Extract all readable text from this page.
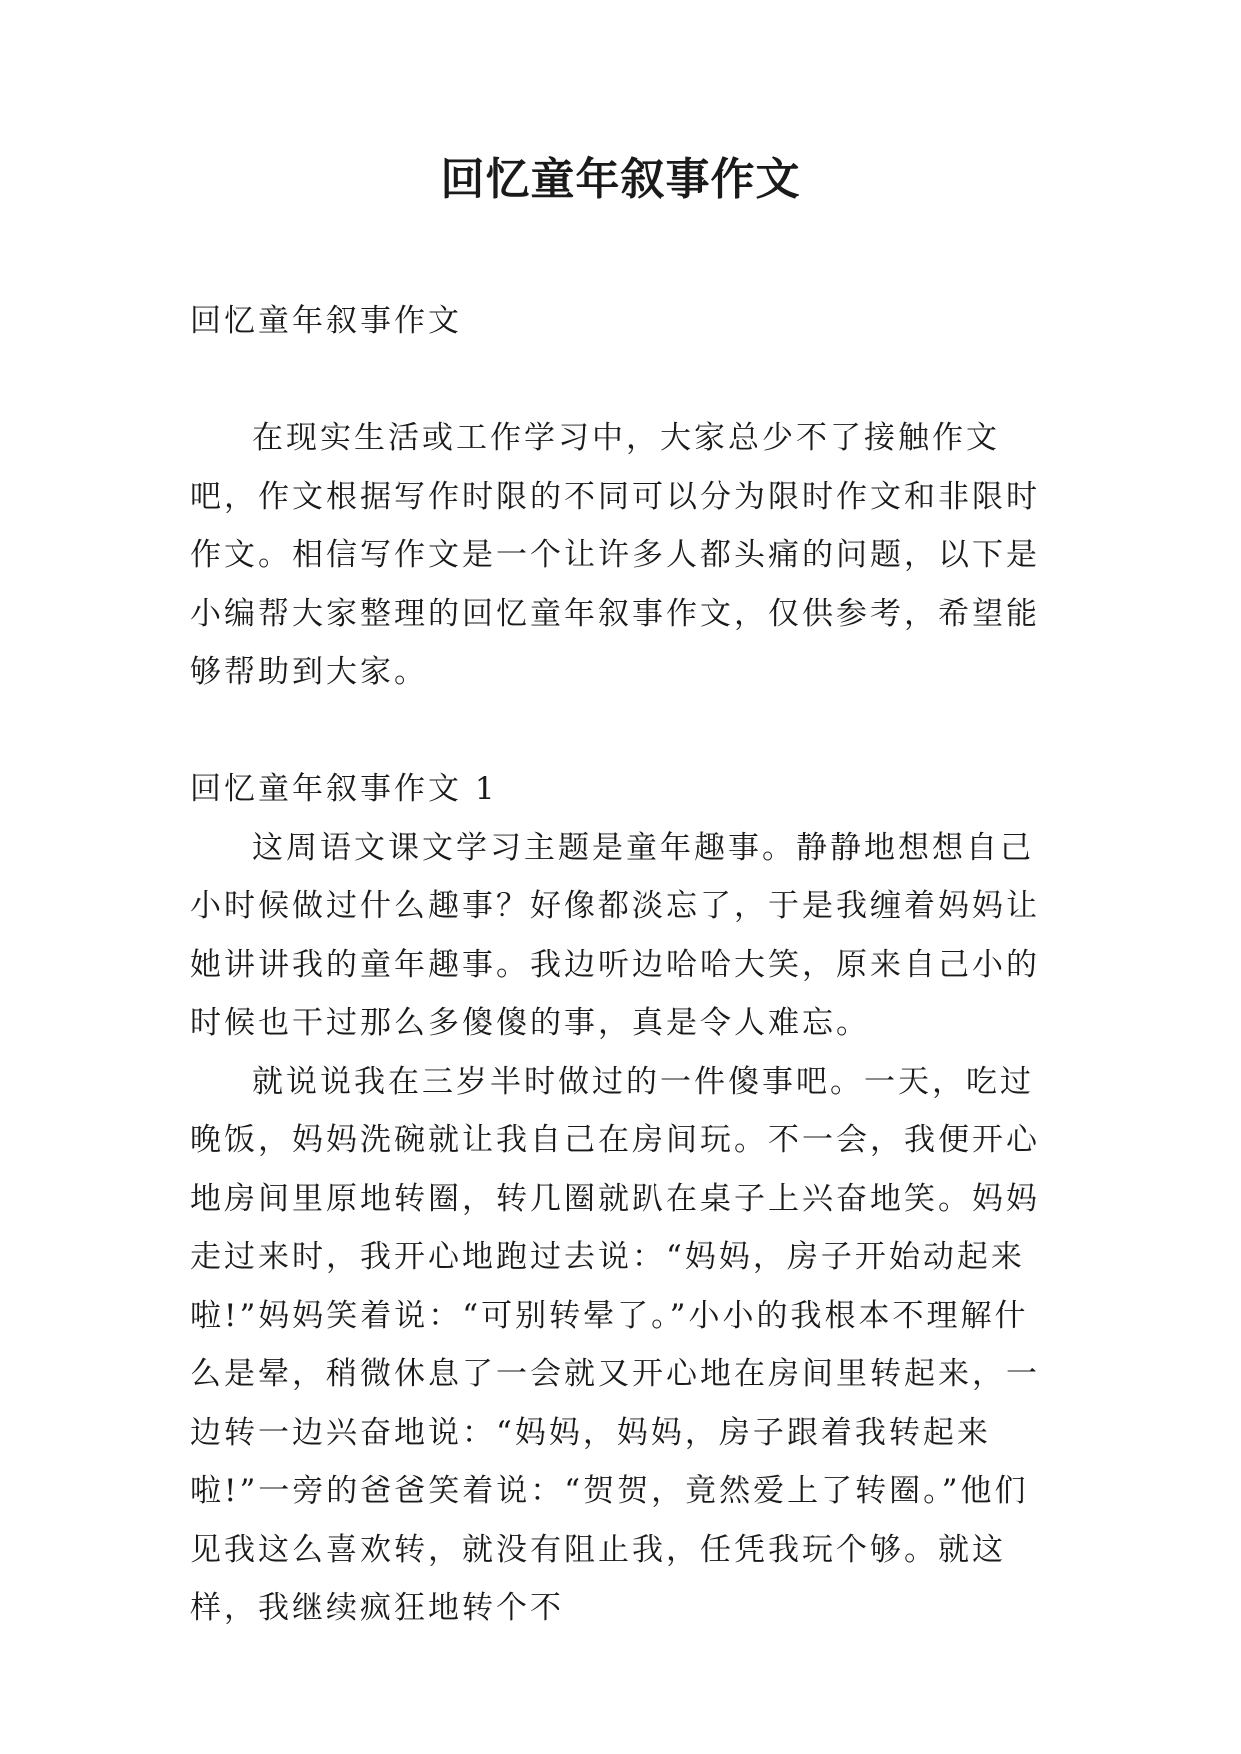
回忆童年叙事作文

回忆童年叙事作文

在现实生活或工作学习中，大家总少不了接触作文吧，作文根据写作时限的不同可以分为限时作文和非限时作文。相信写作文是一个让许多人都头痛的问题，以下是小编帮大家整理的回忆童年叙事作文，仅供参考，希望能够帮助到大家。

回忆童年叙事作文 1

这周语文课文学习主题是童年趣事。静静地想想自己小时候做过什么趣事？好像都淡忘了，于是我缠着妈妈让她讲讲我的童年趣事。我边听边哈哈大笑，原来自己小的时候也干过那么多傻傻的事，真是令人难忘。

就说说我在三岁半时做过的一件傻事吧。一天，吃过晚饭，妈妈洗碗就让我自己在房间玩。不一会，我便开心地房间里原地转圈，转几圈就趴在桌子上兴奋地笑。妈妈走过来时，我开心地跑过去说：“妈妈，房子开始动起来啦!”妈妈笑着说：“可别转晕了。”小小的我根本不理解什么是晕，稍微休息了一会就又开心地在房间里转起来，一边转一边兴奋地说：“妈妈，妈妈，房子跟着我转起来啦!”一旁的爸爸笑着说：“贺贺，竟然爱上了转圈。”他们见我这么喜欢转，就没有阻止我，任凭我玩个够。就这样，我继续疯狂地转个不
